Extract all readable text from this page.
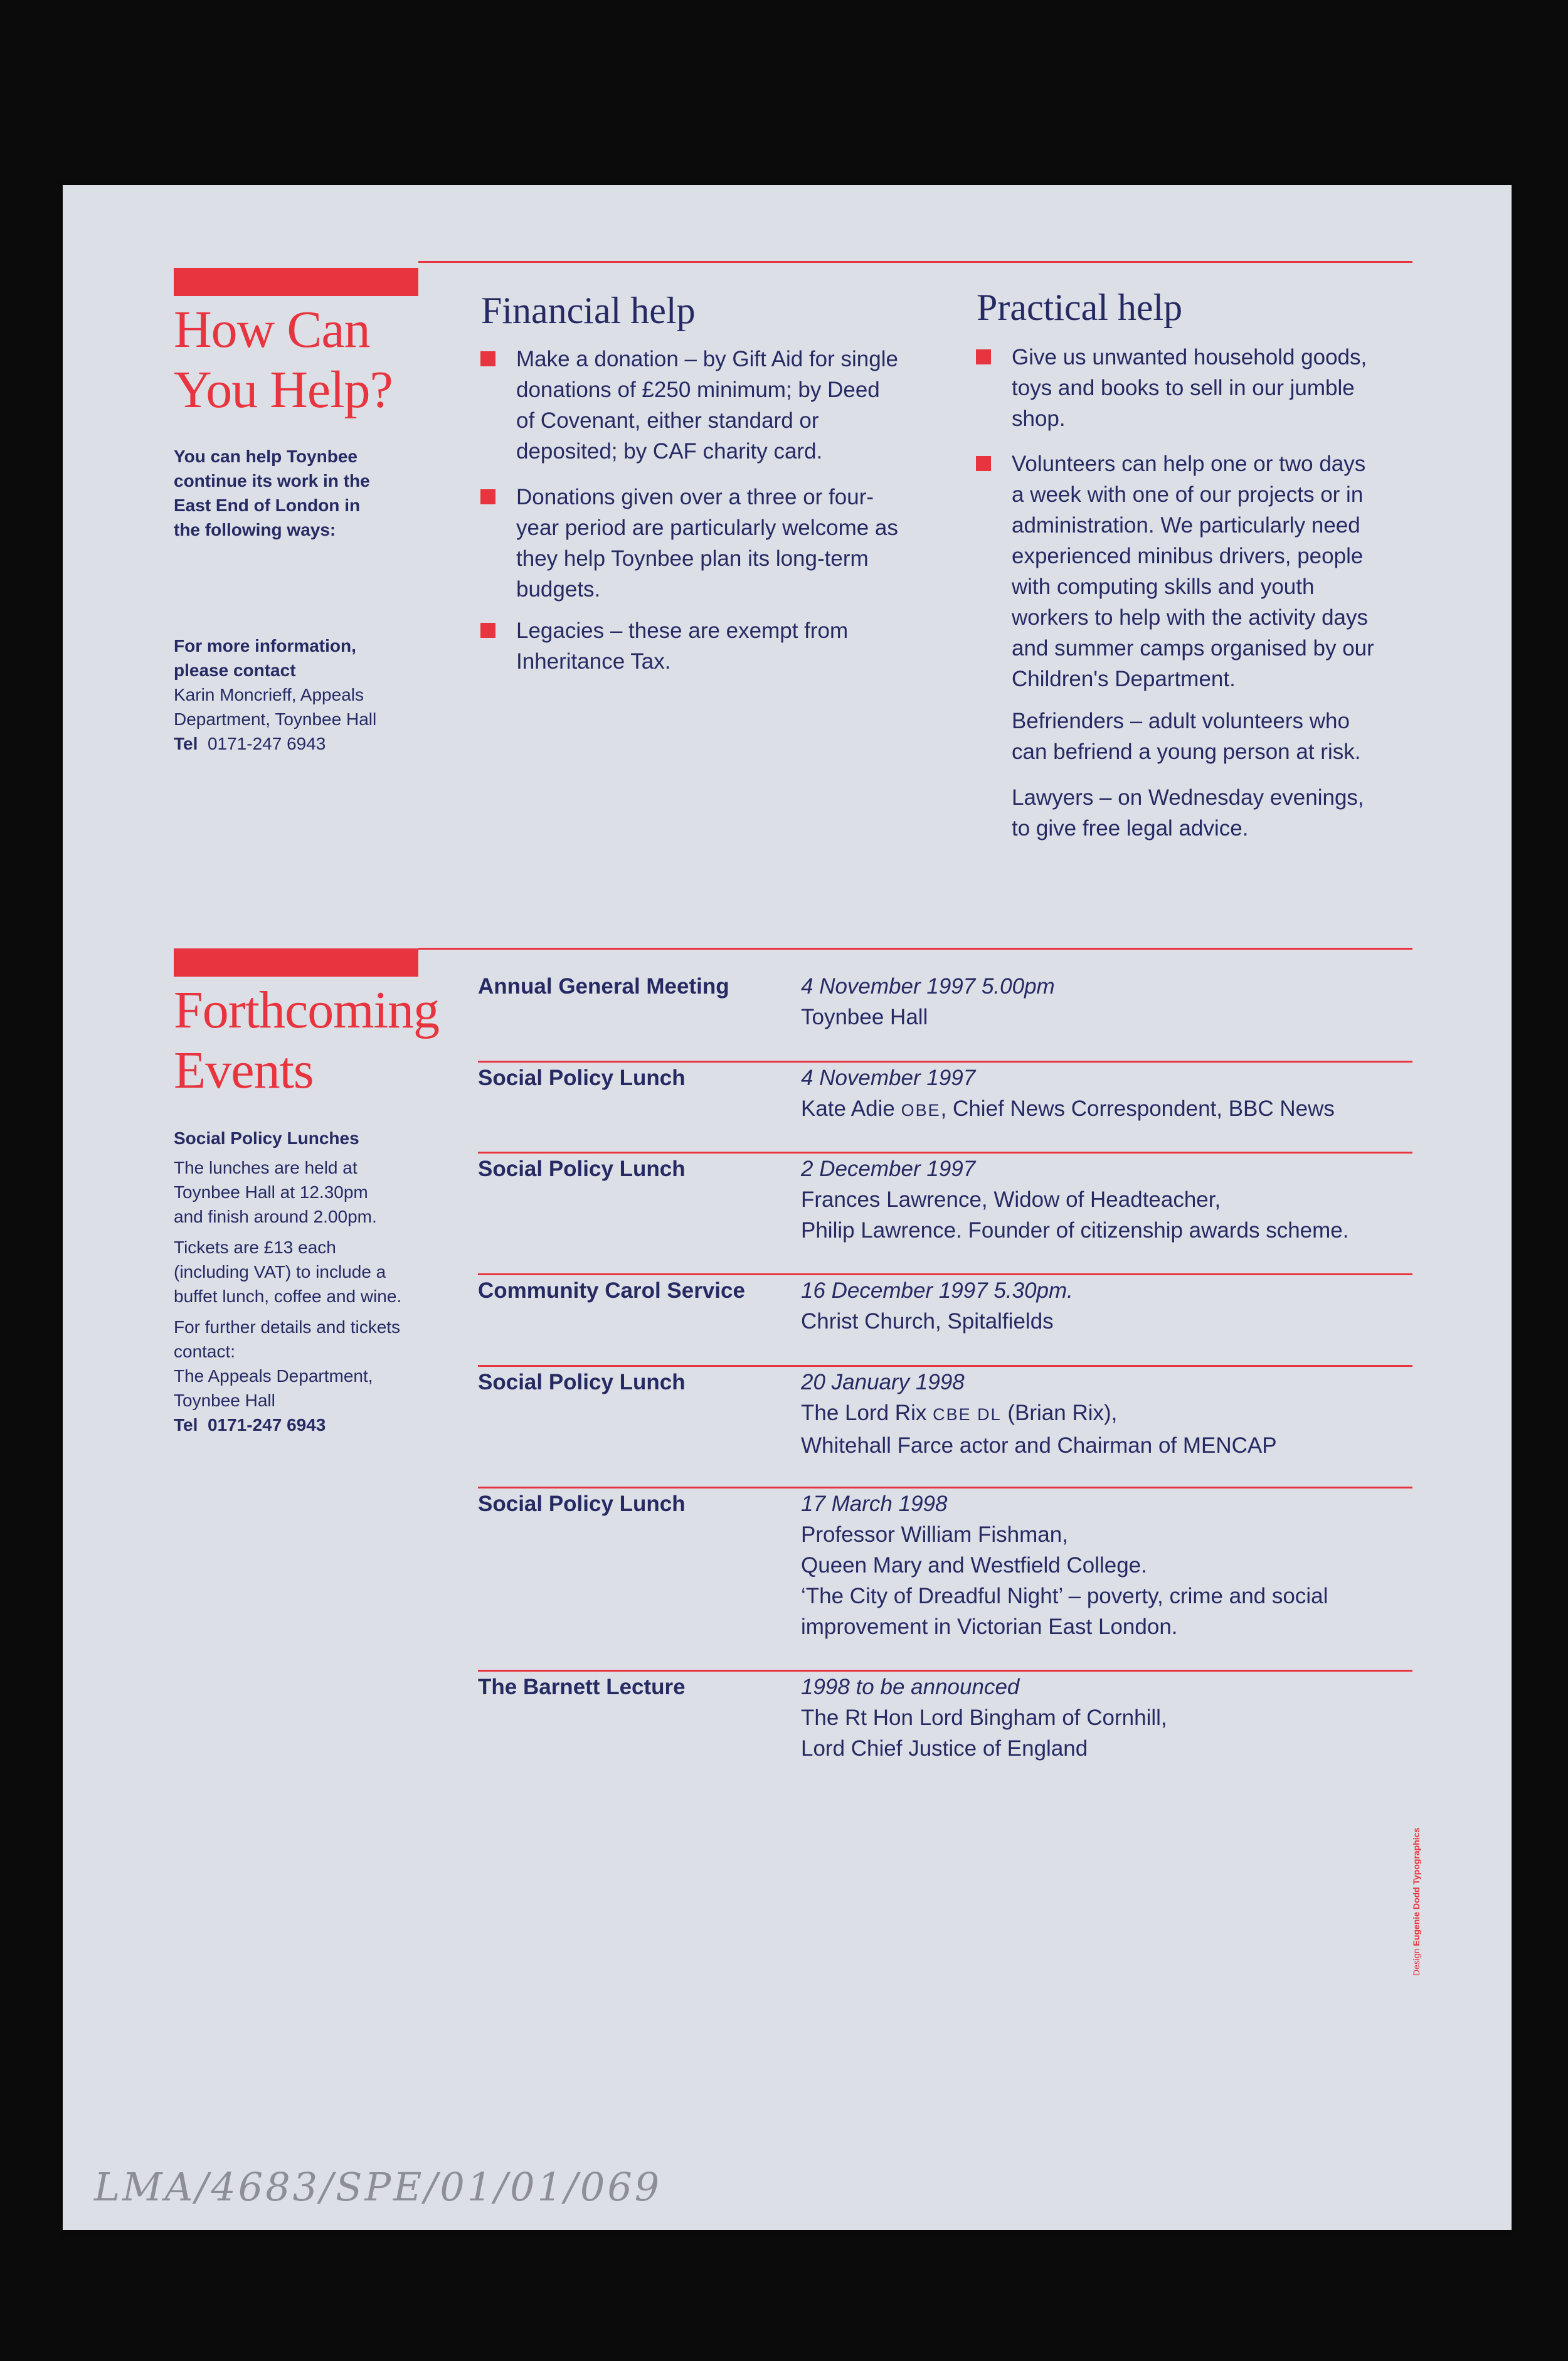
How Can
You Help?
You can help Toynbee
continue its work in the
East End of London in
the following ways:
For more information,
please contact
Karin Moncrieff, Appeals
Department, Toynbee Hall
Tel 0171-247 6943
Financial help
Make a donation – by Gift Aid for single
donations of £250 minimum; by Deed
of Covenant, either standard or
deposited; by CAF charity card.
Donations given over a three or four-
year period are particularly welcome as
they help Toynbee plan its long-term
budgets.
Legacies – these are exempt from
Inheritance Tax.
Practical help
Give us unwanted household goods,
toys and books to sell in our jumble
shop.
Volunteers can help one or two days
a week with one of our projects or in
administration. We particularly need
experienced minibus drivers, people
with computing skills and youth
workers to help with the activity days
and summer camps organised by our
Children's Department.
Befrienders – adult volunteers who
can befriend a young person at risk.
Lawyers – on Wednesday evenings,
to give free legal advice.
Forthcoming
Events
Social Policy Lunches
The lunches are held at
Toynbee Hall at 12.30pm
and finish around 2.00pm.
Tickets are £13 each
(including VAT) to include a
buffet lunch, coffee and wine.
For further details and tickets
contact:
The Appeals Department,
Toynbee Hall
Tel 0171-247 6943
Annual General Meeting	4 November 1997 5.00pm
Toynbee Hall
Social Policy Lunch	4 November 1997
Kate Adie OBE, Chief News Correspondent, BBC News
Social Policy Lunch	2 December 1997
Frances Lawrence, Widow of Headteacher,
Philip Lawrence. Founder of citizenship awards scheme.
Community Carol Service	16 December 1997 5.30pm.
Christ Church, Spitalfields
Social Policy Lunch	20 January 1998
The Lord Rix CBE DL (Brian Rix),
Whitehall Farce actor and Chairman of MENCAP
Social Policy Lunch	17 March 1998
Professor William Fishman,
Queen Mary and Westfield College.
‘The City of Dreadful Night’ – poverty, crime and social
improvement in Victorian East London.
The Barnett Lecture	1998 to be announced
The Rt Hon Lord Bingham of Cornhill,
Lord Chief Justice of England
Design Eugenie Dodd Typographics
LMA/4683/SPE/01/01/069
